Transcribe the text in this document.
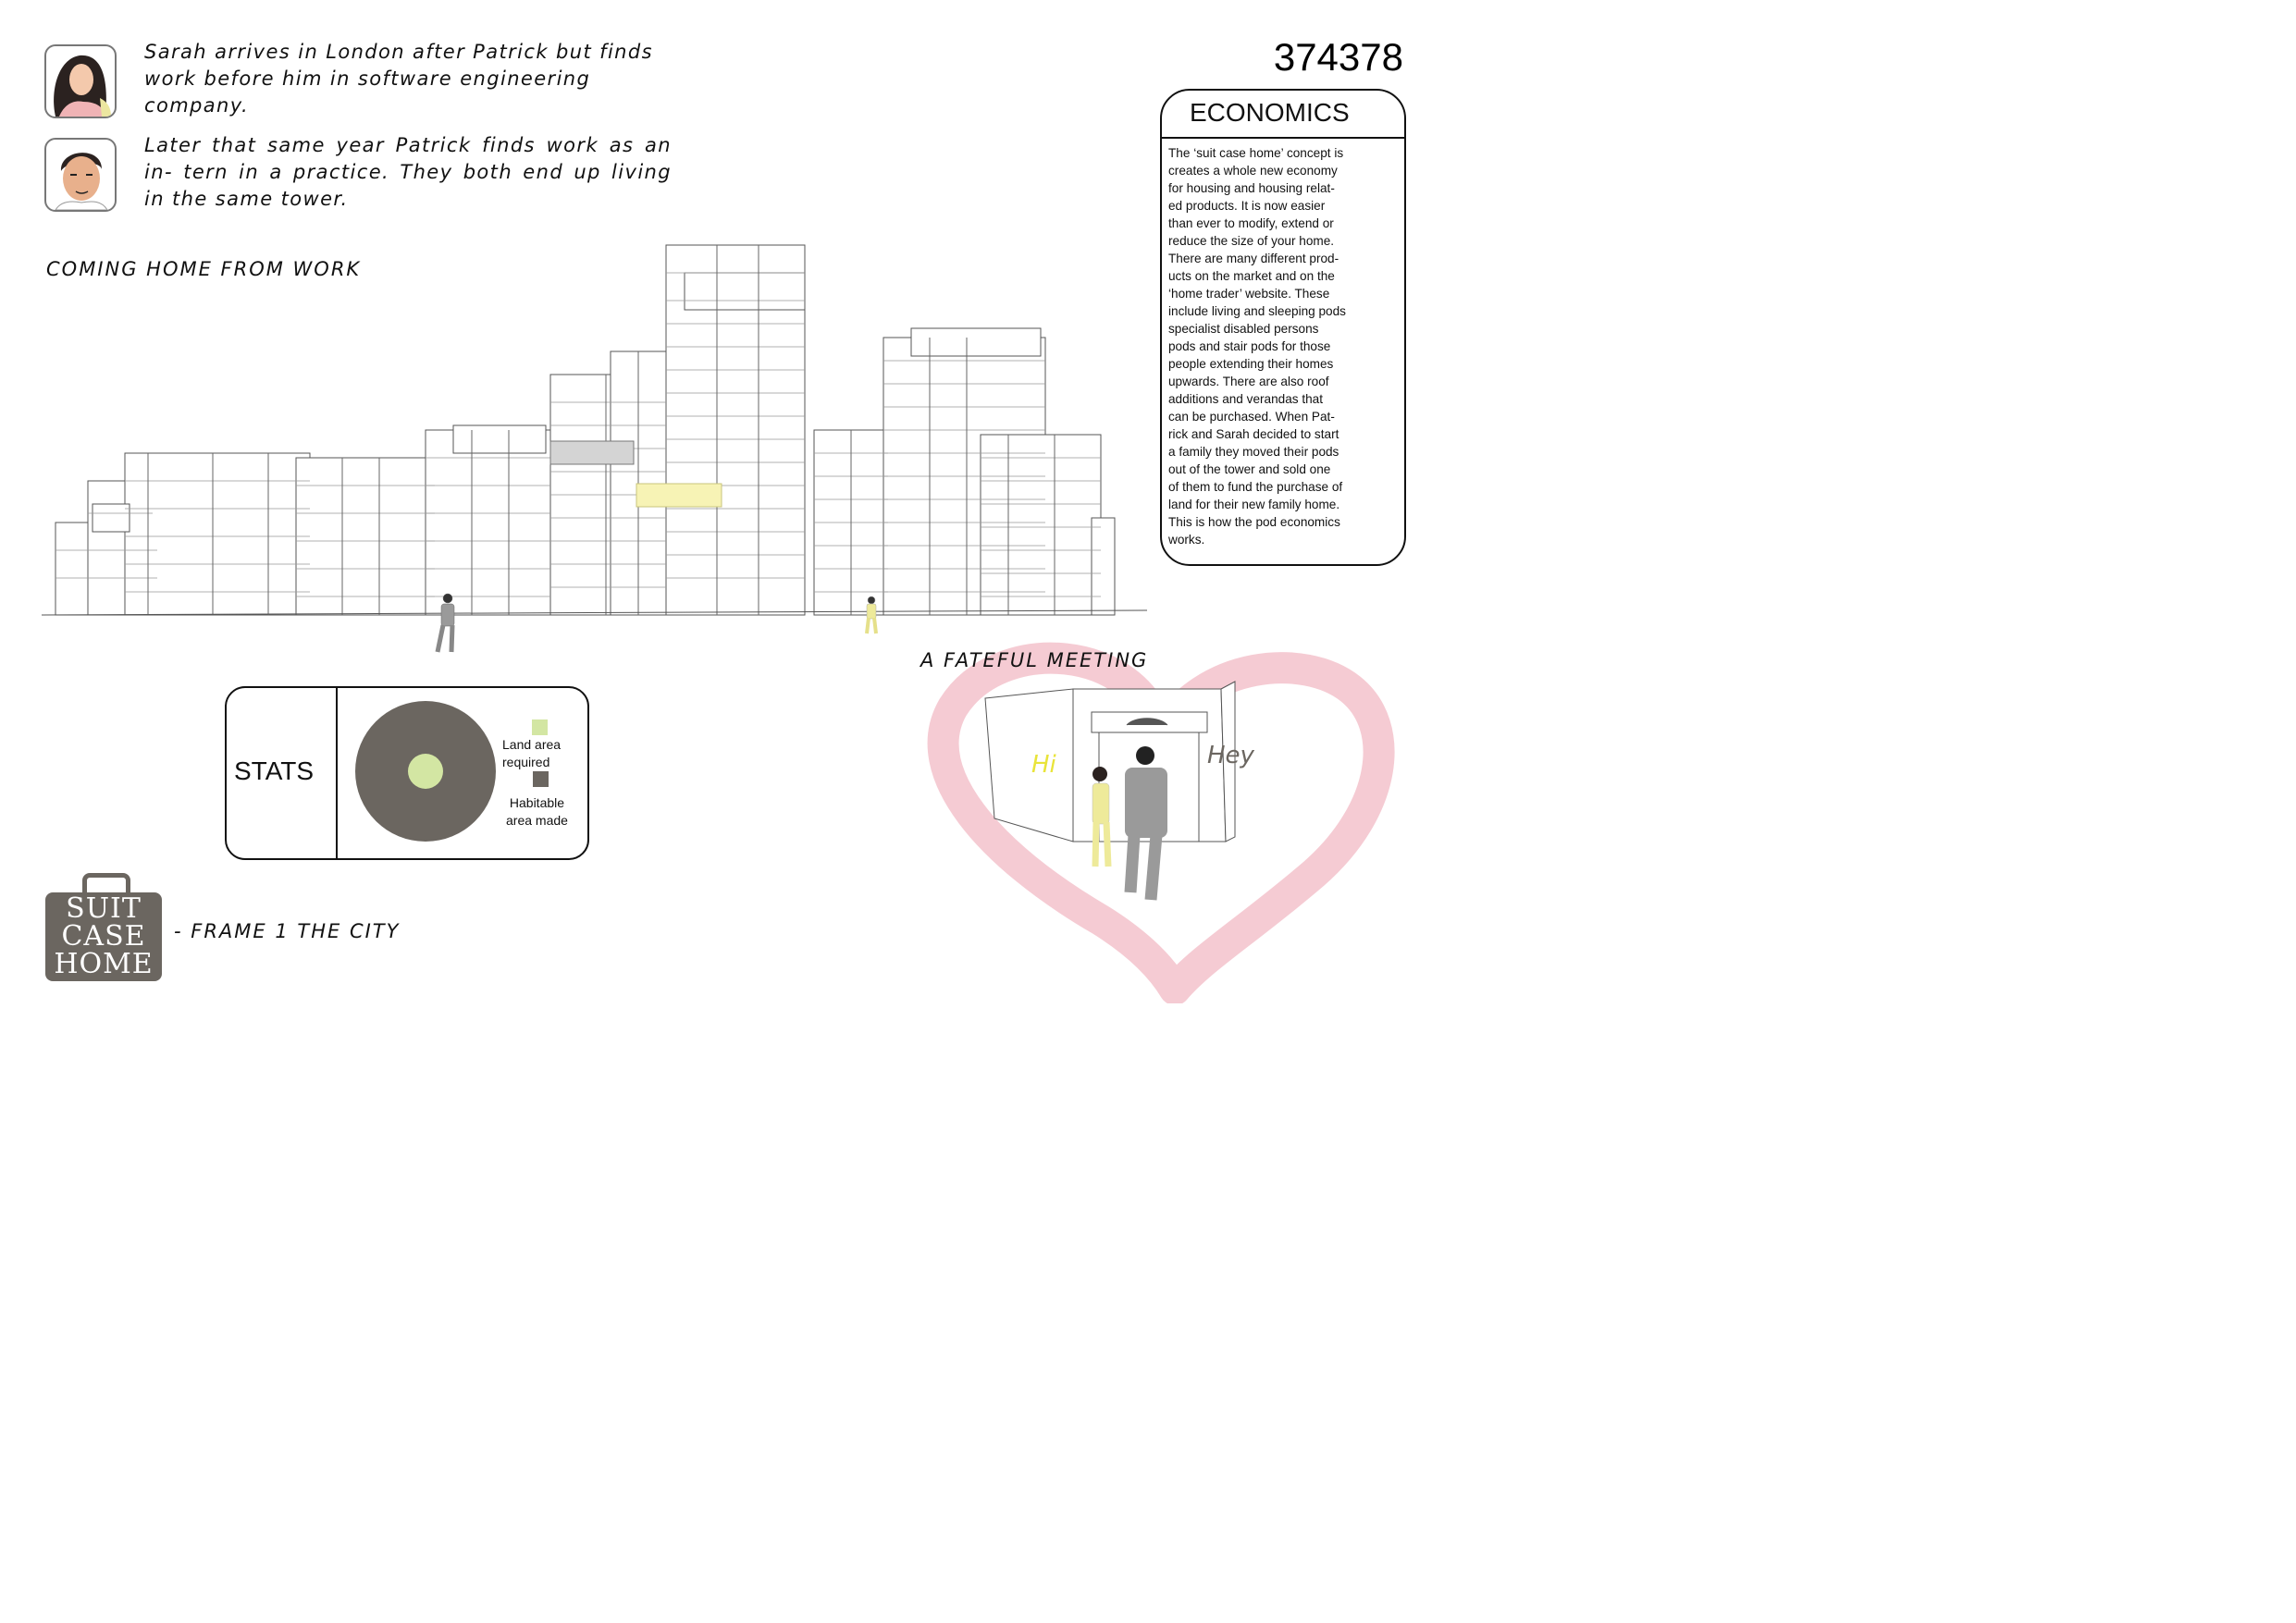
Sarah arrives in London after Patrick but finds work before him in software engineering company.
Later that same year Patrick finds work as an in- tern in a practice. They both end up living in the same tower.
374378
COMING HOME FROM WORK
ECONOMICS
The ‘suit case home’ concept is
creates a whole new economy
for housing and housing relat-
ed products. It is now easier
than ever to modify, extend or
reduce the size of your home.
There are many different prod-
ucts on the market and on the
‘home trader’ website. These
include living and sleeping pods
specialist disabled persons
pods and stair pods for those
people extending their homes
upwards. There are also roof
additions and verandas that
can be purchased. When Pat-
rick and Sarah decided to start
a family they moved their pods
out of the tower and sold one
of them to fund the purchase of
land for their new family home.
This is how the pod economics
works.
STATS
Land area
required
Habitable
area made
Hi	Hey
A FATEFUL MEETING
SUIT
CASE
HOME
- FRAME 1 THE CITY
